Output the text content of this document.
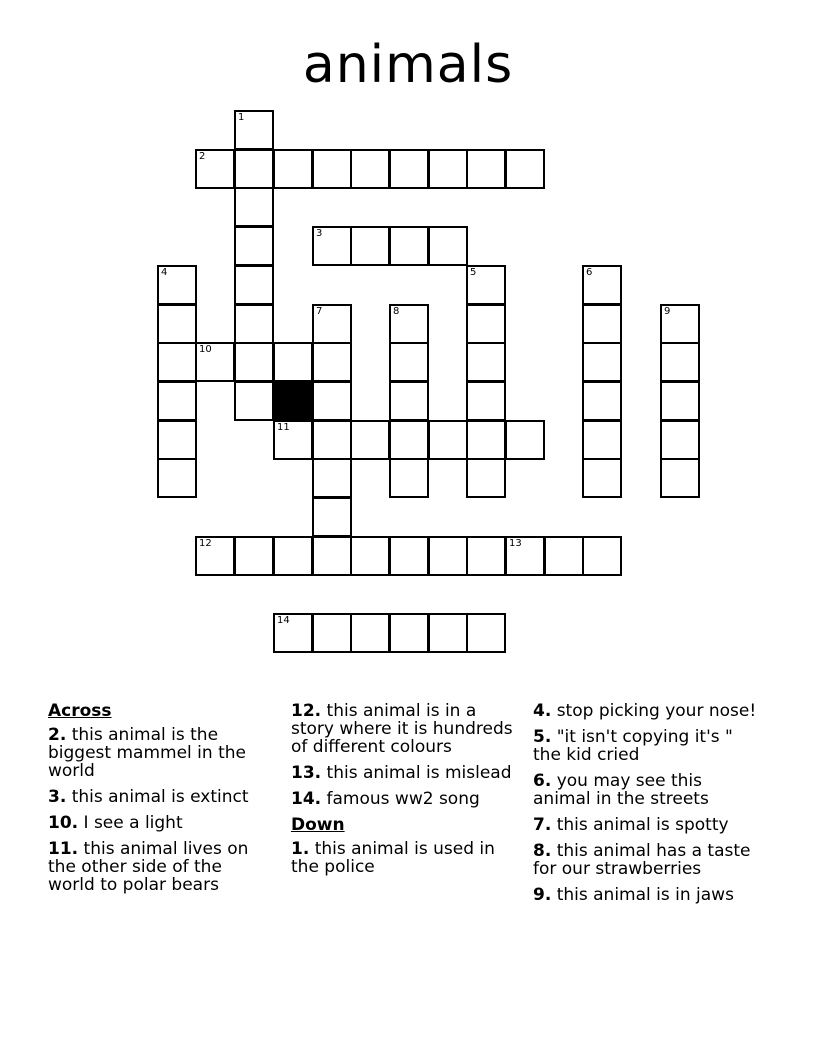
animals
1
2
3
4	5	6
7	8	9
10
11
12	13
14
Across
2. this animal is the biggest mammel in the world
3. this animal is extinct
10. I see a light
11. this animal lives on the other side of the world to polar bears
12. this animal is in a story where it is hundreds of different colours
13. this animal is mislead
14. famous ww2 song
Down
1. this animal is used in the police
4. stop picking your nose!
5. "it isn't copying it's " the kid cried
6. you may see this animal in the streets
7. this animal is spotty
8. this animal has a taste for our strawberries
9. this animal is in jaws
